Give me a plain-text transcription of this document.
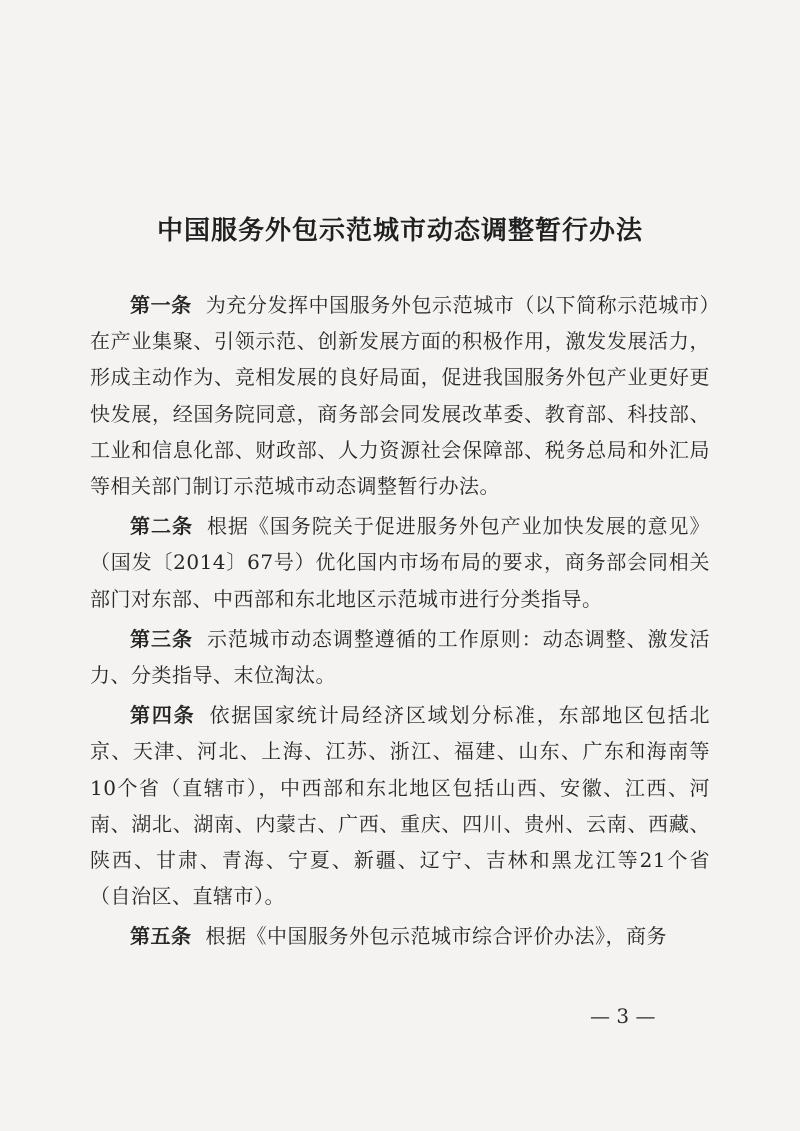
中国服务外包示范城市动态调整暂行办法

第一条 为充分发挥中国服务外包示范城市（以下简称示范城市）在产业集聚、引领示范、创新发展方面的积极作用，激发发展活力，形成主动作为、竞相发展的良好局面，促进我国服务外包产业更好更快发展，经国务院同意，商务部会同发展改革委、教育部、科技部、工业和信息化部、财政部、人力资源社会保障部、税务总局和外汇局等相关部门制订示范城市动态调整暂行办法。

第二条 根据《国务院关于促进服务外包产业加快发展的意见》（国发〔2014〕67号）优化国内市场布局的要求，商务部会同相关部门对东部、中西部和东北地区示范城市进行分类指导。

第三条 示范城市动态调整遵循的工作原则：动态调整、激发活力、分类指导、末位淘汰。

第四条 依据国家统计局经济区域划分标准，东部地区包括北京、天津、河北、上海、江苏、浙江、福建、山东、广东和海南等10个省（直辖市），中西部和东北地区包括山西、安徽、江西、河南、湖北、湖南、内蒙古、广西、重庆、四川、贵州、云南、西藏、陕西、甘肃、青海、宁夏、新疆、辽宁、吉林和黑龙江等21个省（自治区、直辖市）。

第五条 根据《中国服务外包示范城市综合评价办法》，商务

— 3 —
